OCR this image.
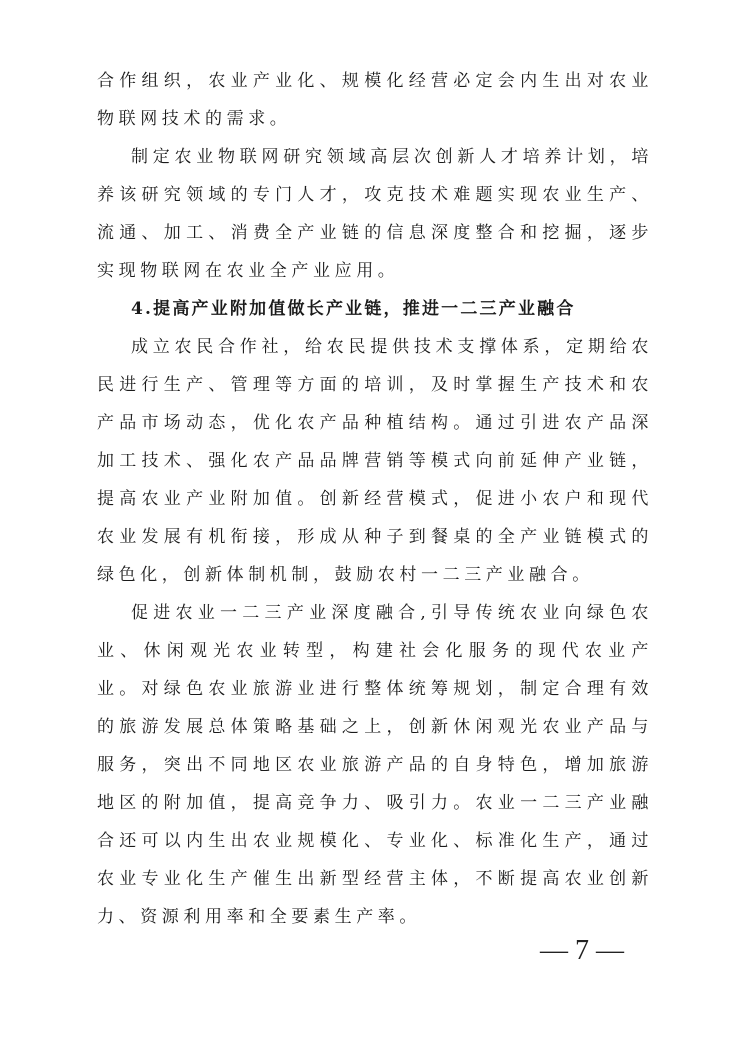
合作组织，农业产业化、规模化经营必定会内生出对农业物联网技术的需求。

制定农业物联网研究领域高层次创新人才培养计划，培养该研究领域的专门人才，攻克技术难题实现农业生产、流通、加工、消费全产业链的信息深度整合和挖掘，逐步实现物联网在农业全产业应用。

4.提高产业附加值做长产业链，推进一二三产业融合

成立农民合作社，给农民提供技术支撑体系，定期给农民进行生产、管理等方面的培训，及时掌握生产技术和农产品市场动态，优化农产品种植结构。通过引进农产品深加工技术、强化农产品品牌营销等模式向前延伸产业链，提高农业产业附加值。创新经营模式，促进小农户和现代农业发展有机衔接，形成从种子到餐桌的全产业链模式的绿色化，创新体制机制，鼓励农村一二三产业融合。

促进农业一二三产业深度融合,引导传统农业向绿色农业、休闲观光农业转型，构建社会化服务的现代农业产业。对绿色农业旅游业进行整体统筹规划，制定合理有效的旅游发展总体策略基础之上，创新休闲观光农业产品与服务，突出不同地区农业旅游产品的自身特色，增加旅游地区的附加值，提高竞争力、吸引力。农业一二三产业融合还可以内生出农业规模化、专业化、标准化生产，通过农业专业化生产催生出新型经营主体，不断提高农业创新力、资源利用率和全要素生产率。

— 7 —
